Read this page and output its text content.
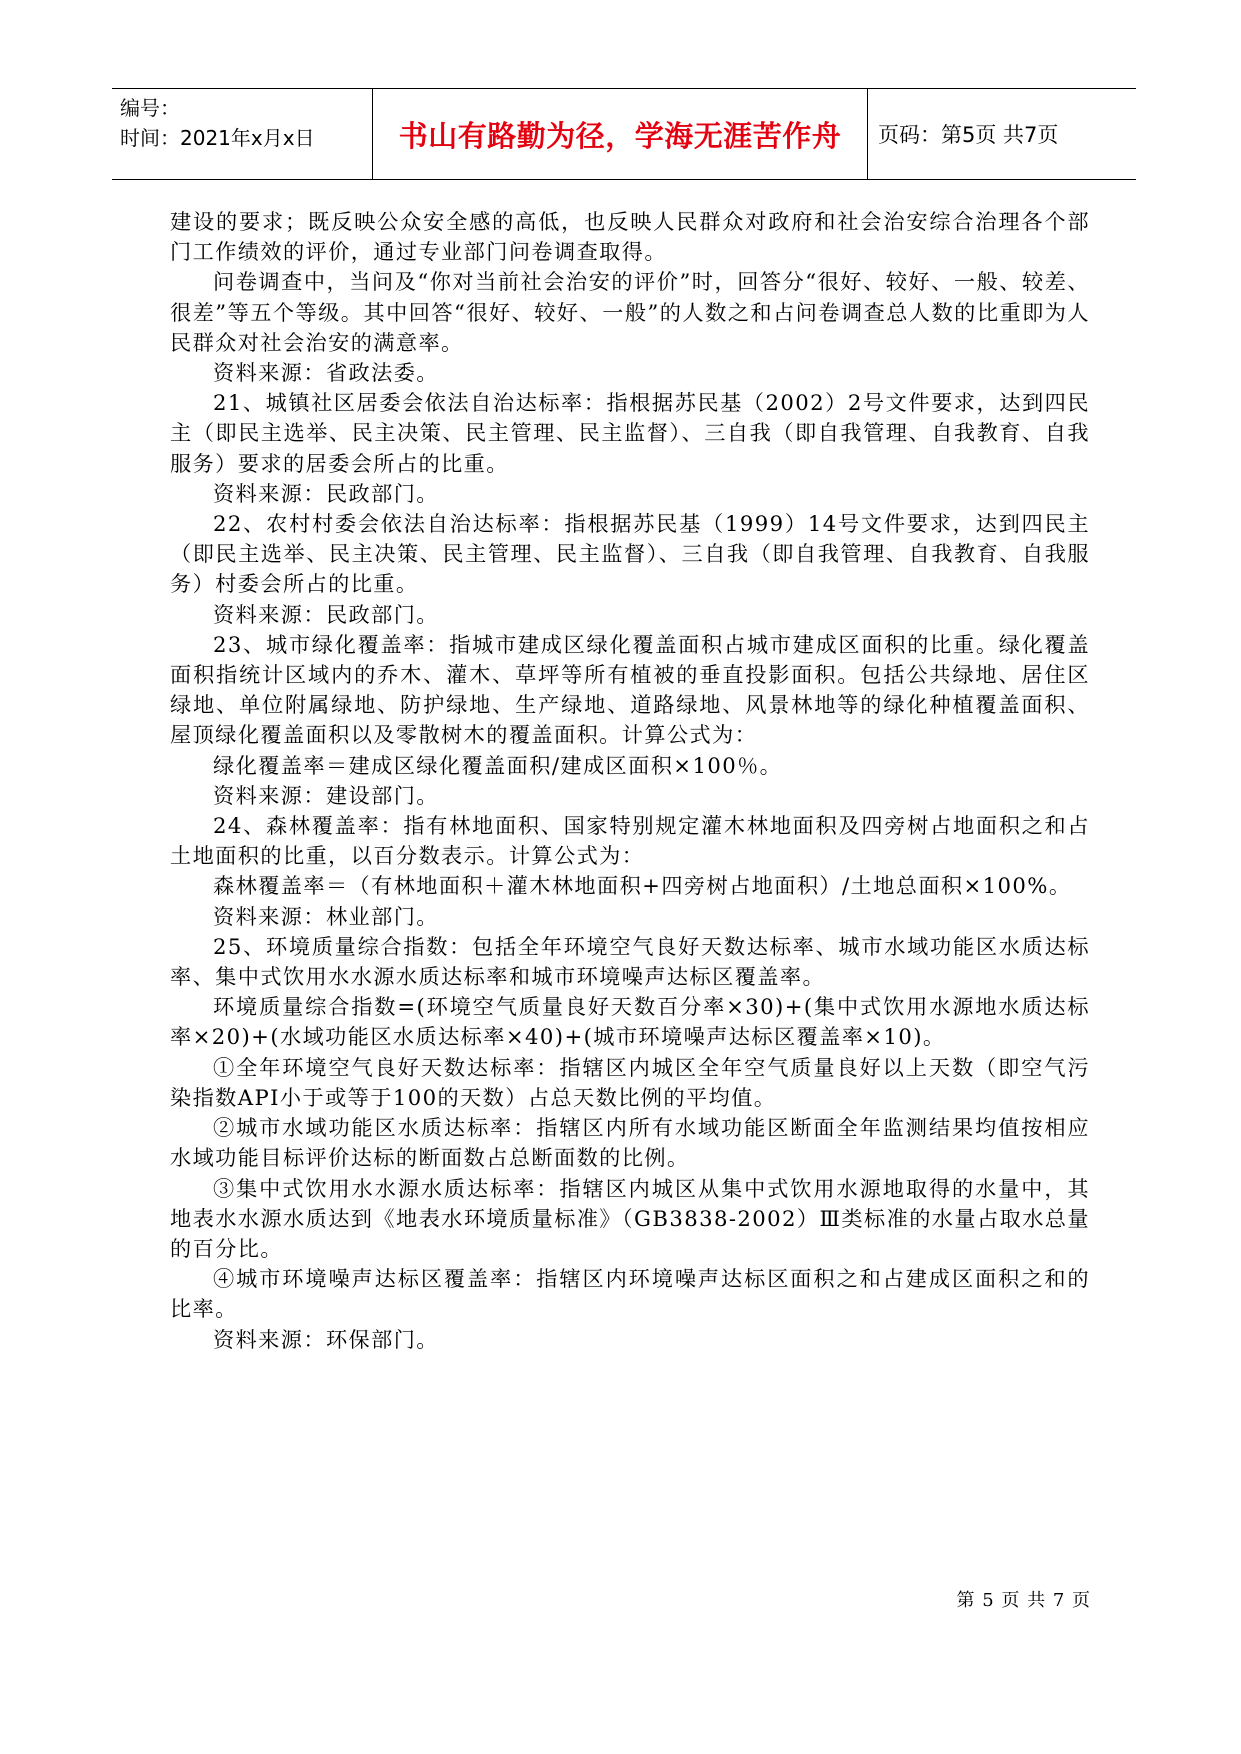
编号：
时间：2021年x月x日	书山有路勤为径，学海无涯苦作舟	页码：第5页 共7页

建设的要求；既反映公众安全感的高低，也反映人民群众对政府和社会治安综合治理各个部门工作绩效的评价，通过专业部门问卷调查取得。

问卷调查中，当问及“你对当前社会治安的评价”时，回答分“很好、较好、一般、较差、很差”等五个等级。其中回答“很好、较好、一般”的人数之和占问卷调查总人数的比重即为人民群众对社会治安的满意率。

资料来源：省政法委。

21、城镇社区居委会依法自治达标率：指根据苏民基（2002）2号文件要求，达到四民主（即民主选举、民主决策、民主管理、民主监督）、三自我（即自我管理、自我教育、自我服务）要求的居委会所占的比重。

资料来源：民政部门。

22、农村村委会依法自治达标率：指根据苏民基（1999）14号文件要求，达到四民主（即民主选举、民主决策、民主管理、民主监督）、三自我（即自我管理、自我教育、自我服务）村委会所占的比重。

资料来源：民政部门。

23、城市绿化覆盖率：指城市建成区绿化覆盖面积占城市建成区面积的比重。绿化覆盖面积指统计区域内的乔木、灌木、草坪等所有植被的垂直投影面积。包括公共绿地、居住区绿地、单位附属绿地、防护绿地、生产绿地、道路绿地、风景林地等的绿化种植覆盖面积、屋顶绿化覆盖面积以及零散树木的覆盖面积。计算公式为：

绿化覆盖率＝建成区绿化覆盖面积/建成区面积×100％。

资料来源：建设部门。

24、森林覆盖率：指有林地面积、国家特别规定灌木林地面积及四旁树占地面积之和占土地面积的比重，以百分数表示。计算公式为：

森林覆盖率＝（有林地面积＋灌木林地面积+四旁树占地面积）/土地总面积×100%。

资料来源：林业部门。

25、环境质量综合指数：包括全年环境空气良好天数达标率、城市水域功能区水质达标率、集中式饮用水水源水质达标率和城市环境噪声达标区覆盖率。

环境质量综合指数=(环境空气质量良好天数百分率×30)+(集中式饮用水源地水质达标率×20)+(水域功能区水质达标率×40)+(城市环境噪声达标区覆盖率×10)。

①全年环境空气良好天数达标率：指辖区内城区全年空气质量良好以上天数（即空气污染指数API小于或等于100的天数）占总天数比例的平均值。

②城市水域功能区水质达标率：指辖区内所有水域功能区断面全年监测结果均值按相应水域功能目标评价达标的断面数占总断面数的比例。

③集中式饮用水水源水质达标率：指辖区内城区从集中式饮用水源地取得的水量中，其地表水水源水质达到《地表水环境质量标准》（GB3838-2002）Ⅲ类标准的水量占取水总量的百分比。

④城市环境噪声达标区覆盖率：指辖区内环境噪声达标区面积之和占建成区面积之和的比率。

资料来源：环保部门。

第 5 页 共 7 页
